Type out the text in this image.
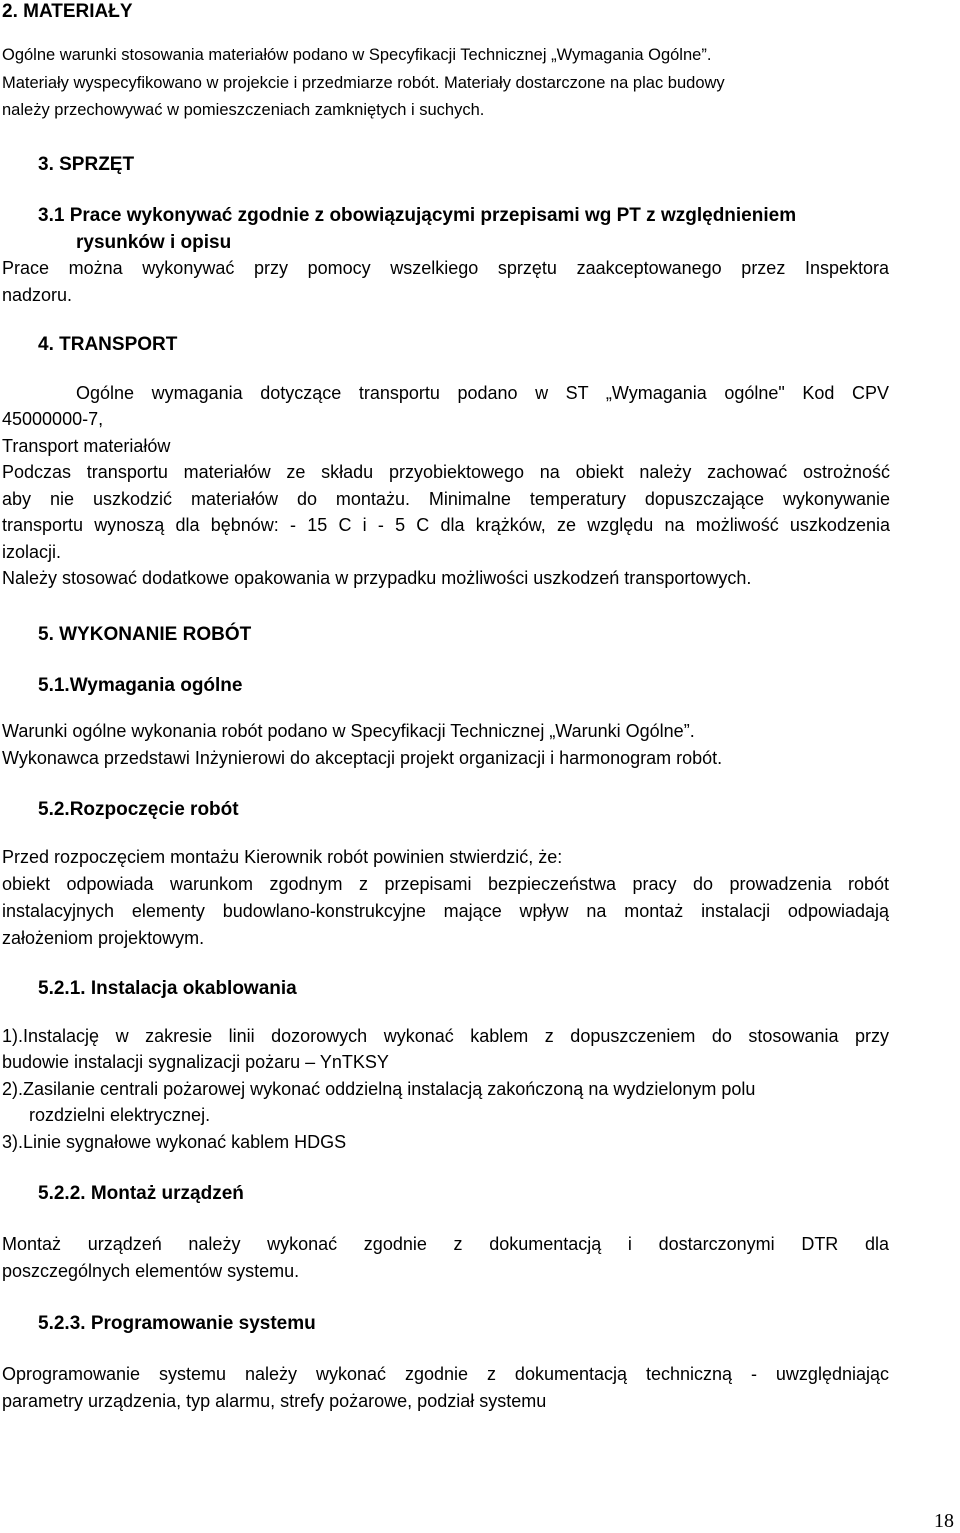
2. MATERIAŁY
Ogólne warunki stosowania materiałów podano w Specyfikacji Technicznej „Wymagania Ogólne”.
Materiały wyspecyfikowano w projekcie i przedmiarze robót. Materiały dostarczone na plac budowy
należy przechowywać w pomieszczeniach zamkniętych i suchych.
3. SPRZĘT
3.1 Prace wykonywać zgodnie z obowiązującymi przepisami wg PT z względnieniem
rysunków i opisu
Prace można wykonywać przy pomocy wszelkiego sprzętu zaakceptowanego przez Inspektora
nadzoru.
4. TRANSPORT
Ogólne wymagania dotyczące transportu podano w ST „Wymagania ogólne" Kod CPV
45000000-7,
Transport materiałów
Podczas transportu materiałów ze składu przyobiektowego na obiekt należy zachować ostrożność
aby nie uszkodzić materiałów do montażu. Minimalne temperatury dopuszczające wykonywanie
transportu wynoszą dla bębnów: - 15 C i - 5 C dla krążków, ze względu na możliwość uszkodzenia
izolacji.
Należy stosować dodatkowe opakowania w przypadku możliwości uszkodzeń transportowych.
5. WYKONANIE ROBÓT
5.1.Wymagania ogólne
Warunki ogólne wykonania robót podano w Specyfikacji Technicznej „Warunki Ogólne”.
Wykonawca przedstawi Inżynierowi do akceptacji projekt organizacji i harmonogram robót.
5.2.Rozpoczęcie robót
Przed rozpoczęciem montażu Kierownik robót powinien stwierdzić, że:
obiekt odpowiada warunkom zgodnym z przepisami bezpieczeństwa pracy do prowadzenia robót
instalacyjnych elementy budowlano-konstrukcyjne mające wpływ na montaż instalacji odpowiadają
założeniom projektowym.
5.2.1. Instalacja okablowania
1).Instalację w zakresie linii dozorowych wykonać kablem z dopuszczeniem do stosowania przy
budowie instalacji sygnalizacji pożaru – YnTKSY
2).Zasilanie centrali pożarowej wykonać oddzielną instalacją zakończoną na wydzielonym polu
rozdzielni elektrycznej.
3).Linie sygnałowe wykonać kablem HDGS
5.2.2. Montaż urządzeń
Montaż urządzeń należy wykonać zgodnie z dokumentacją i dostarczonymi DTR dla
poszczególnych elementów systemu.
5.2.3. Programowanie systemu
Oprogramowanie systemu należy wykonać zgodnie z dokumentacją techniczną - uwzględniając
parametry urządzenia, typ alarmu, strefy pożarowe, podział systemu
18
